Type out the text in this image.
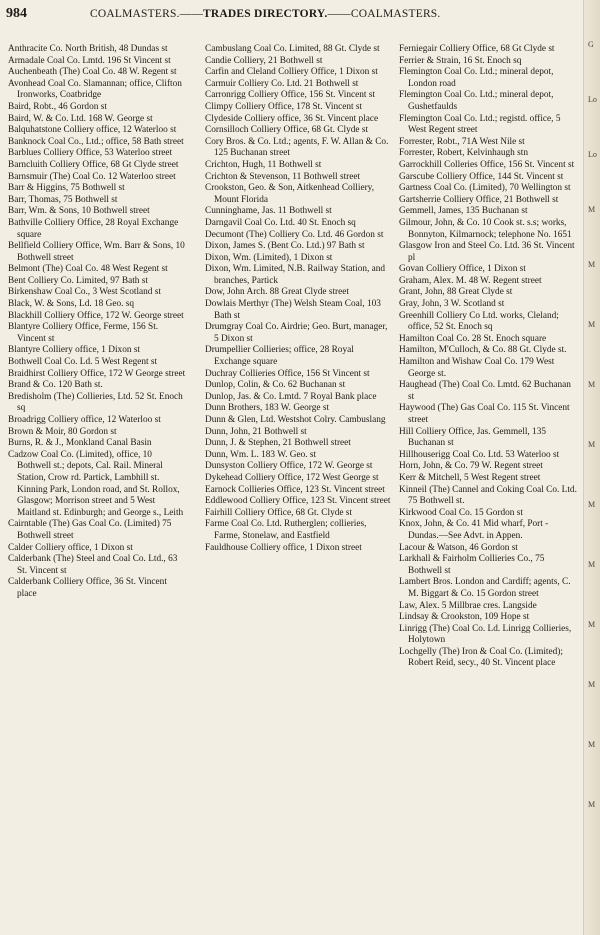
984	COALMASTERS.——TRADES DIRECTORY.——COALMASTERS.
Anthracite Co. North British, 48 Dundas st
Armadale Coal Co. Lmtd. 196 St Vincent st
Auchenbeath (The) Coal Co. 48 W. Regent st
Avonhead Coal Co. Slamannan; office, Clifton Ironworks, Coatbridge
Baird, Robt., 46 Gordon st
Baird, W. & Co. Ltd. 168 W. George st
Balquhatstone Colliery office, 12 Waterloo st
Banknock Coal Co., Ltd.; office, 58 Bath street
Barblues Colliery Office, 53 Waterloo street
Barncluith Colliery Office, 68 Gt Clyde street
Barnsmuir (The) Coal Co. 12 Waterloo street
Barr & Higgins, 75 Bothwell st
Barr, Thomas, 75 Bothwell st
Barr, Wm. & Sons, 10 Bothwell street
Bathville Colliery Office, 28 Royal Exchange square
Bellfield Colliery Office, Wm. Barr & Sons, 10 Bothwell street
Belmont (The) Coal Co. 48 West Regent st
Bent Colliery Co. Limited, 97 Bath st
Birkenshaw Coal Co., 3 West Scotland st
Black, W. & Sons, Ld. 18 Geo. sq
Blackhill Colliery Office, 172 W. George street
Blantyre Colliery Office, Ferme, 156 St. Vincent st
Blantyre Colliery office, 1 Dixon st
Bothwell Coal Co. Ld. 5 West Regent st
Braidhirst Colliery Office, 172 W George street
Brand & Co. 120 Bath st.
Bredisholm (The) Collieries, Ltd. 52 St. Enoch sq
Broadrigg Colliery office, 12 Waterloo st
Brown & Moir, 80 Gordon st
Burns, R. & J., Monkland Canal Basin
Cadzow Coal Co. (Limited), office, 10 Bothwell st.; depots, Cal. Rail. Mineral Station, Crow rd. Partick, Lambhill st. Kinning Park, London road, and St. Rollox, Glasgow; Morrison street and 5 West Maitland st. Edinburgh; and George s., Leith
Cairntable (The) Gas Coal Co. (Limited) 75 Bothwell street
Calder Colliery office, 1 Dixon st
Calderbank (The) Steel and Coal Co. Ltd., 63 St. Vincent st
Calderbank Colliery Office, 36 St. Vincent place
Cambuslang Coal Co. Limited, 88 Gt. Clyde st
Candie Colliery, 21 Bothwell st
Carfin and Cleland Colliery Office, 1 Dixon st
Carmuir Colliery Co. Ltd. 21 Bothwell st
Carronrigg Colliery Office, 156 St. Vincent st
Climpy Colliery Office, 178 St. Vincent st
Clydeside Colliery office, 36 St. Vincent place
Cornsilloch Colliery Office, 68 Gt. Clyde st
Cory Bros. & Co. Ltd.; agents, F. W. Allan & Co. 125 Buchanan street
Crichton, Hugh, 11 Bothwell st
Crichton & Stevenson, 11 Bothwell street
Crookston, Geo. & Son, Aitkenhead Colliery, Mount Florida
Cunninghame, Jas. 11 Bothwell st
Darngavil Coal Co. Ltd. 40 St. Enoch sq
Decumont (The) Colliery Co. Ltd. 46 Gordon st
Dixon, James S. (Bent Co. Ltd.) 97 Bath st
Dixon, Wm. (Limited), 1 Dixon st
Dixon, Wm. Limited, N.B. Railway Station, and branches, Partick
Dow, John Arch. 88 Great Clyde street
Dowlais Merthyr (The) Welsh Steam Coal, 103 Bath st
Drumgray Coal Co. Airdrie; Geo. Burt, manager, 5 Dixon st
Drumpellier Collieries; office, 28 Royal Exchange square
Duchray Collieries Office, 156 St Vincent st
Dunlop, Colin, & Co. 62 Buchanan st
Dunlop, Jas. & Co. Lmtd. 7 Royal Bank place
Dunn Brothers, 183 W. George st
Dunn & Glen, Ltd. Westshot Colry. Cambuslang
Dunn, John, 21 Bothwell st
Dunn, J. & Stephen, 21 Bothwell street
Dunn, Wm. L. 183 W. Geo. st
Dunsyston Colliery Office, 172 W. George st
Dykehead Colliery Office, 172 West George st
Earnock Collieries Office, 123 St. Vincent street
Eddlewood Colliery Office, 123 St. Vincent street
Fairhill Colliery Office, 68 Gt. Clyde st
Farme Coal Co. Ltd. Rutherglen; collieries, Farme, Stonelaw, and Eastfield
Fauldhouse Colliery office, 1 Dixon street
Ferniegair Colliery Office, 68 Gt Clyde st
Ferrier & Strain, 16 St. Enoch sq
Flemington Coal Co. Ltd.; mineral depot, London road
Flemington Coal Co. Ltd.; mineral depot, Gushetfaulds
Flemington Coal Co. Ltd.; registd. office, 5 West Regent street
Forrester, Robt., 71A West Nile st
Forrester, Robert, Kelvinhaugh stn
Garrockhill Colleries Office, 156 St. Vincent st
Garscube Colliery Office, 144 St. Vincent st
Gartness Coal Co. (Limited), 70 Wellington st
Gartsherrie Colliery Office, 21 Bothwell st
Gemmell, James, 135 Buchanan st
Gilmour, John, & Co. 10 Cook st. s.s; works, Bonnyton, Kilmarnock; telephone No. 1651
Glasgow Iron and Steel Co. Ltd. 36 St. Vincent pl
Govan Colliery Office, 1 Dixon st
Graham, Alex. M. 48 W. Regent street
Grant, John, 88 Great Clyde st
Gray, John, 3 W. Scotland st
Greenhill Colliery Co Ltd. works, Cleland; office, 52 St. Enoch sq
Hamilton Coal Co. 28 St. Enoch square
Hamilton, M'Culloch, & Co. 88 Gt. Clyde st.
Hamilton and Wishaw Coal Co. 179 West George st.
Haughead (The) Coal Co. Lmtd. 62 Buchanan st
Haywood (The) Gas Coal Co. 115 St. Vincent street
Hill Colliery Office, Jas. Gemmell, 135 Buchanan st
Hillhouserigg Coal Co. Ltd. 53 Waterloo st
Horn, John, & Co. 79 W. Regent street
Kerr & Mitchell, 5 West Regent street
Kinneil (The) Cannel and Coking Coal Co. Ltd. 75 Bothwell st.
Kirkwood Coal Co. 15 Gordon st
Knox, John, & Co. 41 Mid wharf, Port - Dundas.—See Advt. in Appen.
Lacour & Watson, 46 Gordon st
Larkhall & Fairholm Collieries Co., 75 Bothwell st
Lambert Bros. London and Cardiff; agents, C. M. Biggart & Co. 15 Gordon street
Law, Alex. 5 Millbrae cres. Langside
Lindsay & Crookston, 109 Hope st
Linrigg (The) Coal Co. Ld. Linrigg Collieries, Holytown
Lochgelly (The) Iron & Coal Co. (Limited); Robert Reid, secy., 40 St. Vincent place
G
Lo
Lo
M
M
M
M
M
M
M
M
M
M
M
